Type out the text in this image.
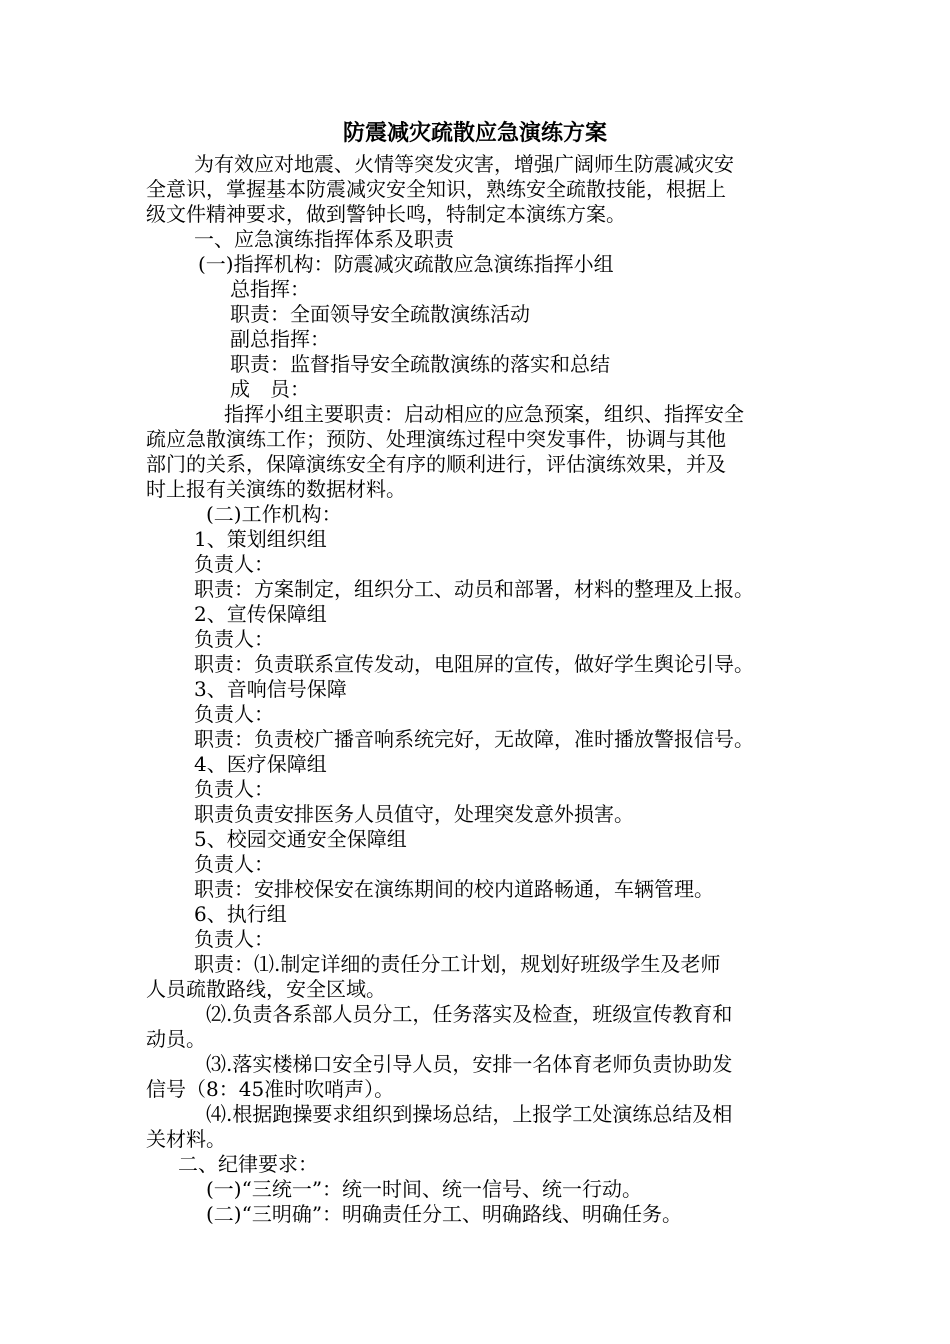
防震减灾疏散应急演练方案
为有效应对地震、火情等突发灾害，增强广阔师生防震减灾安
全意识，掌握基本防震减灾安全知识，熟练安全疏散技能，根据上
级文件精神要求，做到警钟长鸣，特制定本演练方案。
一、应急演练指挥体系及职责
(一)指挥机构：防震减灾疏散应急演练指挥小组
总指挥：
职责：全面领导安全疏散演练活动
副总指挥：
职责：监督指导安全疏散演练的落实和总结
成　员：
指挥小组主要职责：启动相应的应急预案，组织、指挥安全
疏应急散演练工作；预防、处理演练过程中突发事件，协调与其他
部门的关系，保障演练安全有序的顺利进行，评估演练效果，并及
时上报有关演练的数据材料。
(二)工作机构：
1、策划组织组
负责人：
职责：方案制定，组织分工、动员和部署，材料的整理及上报。
2、宣传保障组
负责人：
职责：负责联系宣传发动，电阻屏的宣传，做好学生舆论引导。
3、音响信号保障
负责人：
职责：负责校广播音响系统完好，无故障，准时播放警报信号。
4、医疗保障组
负责人：
职责负责安排医务人员值守，处理突发意外损害。
5、校园交通安全保障组
负责人：
职责：安排校保安在演练期间的校内道路畅通，车辆管理。
6、执行组
负责人：
职责：⑴.制定详细的责任分工计划，规划好班级学生及老师
人员疏散路线，安全区域。
⑵.负责各系部人员分工，任务落实及检查，班级宣传教育和
动员。
⑶.落实楼梯口安全引导人员，安排一名体育老师负责协助发
信号（8：45准时吹哨声）。
⑷.根据跑操要求组织到操场总结，上报学工处演练总结及相
关材料。
二、纪律要求：
(一)“三统一”：统一时间、统一信号、统一行动。
(二)“三明确”：明确责任分工、明确路线、明确任务。
